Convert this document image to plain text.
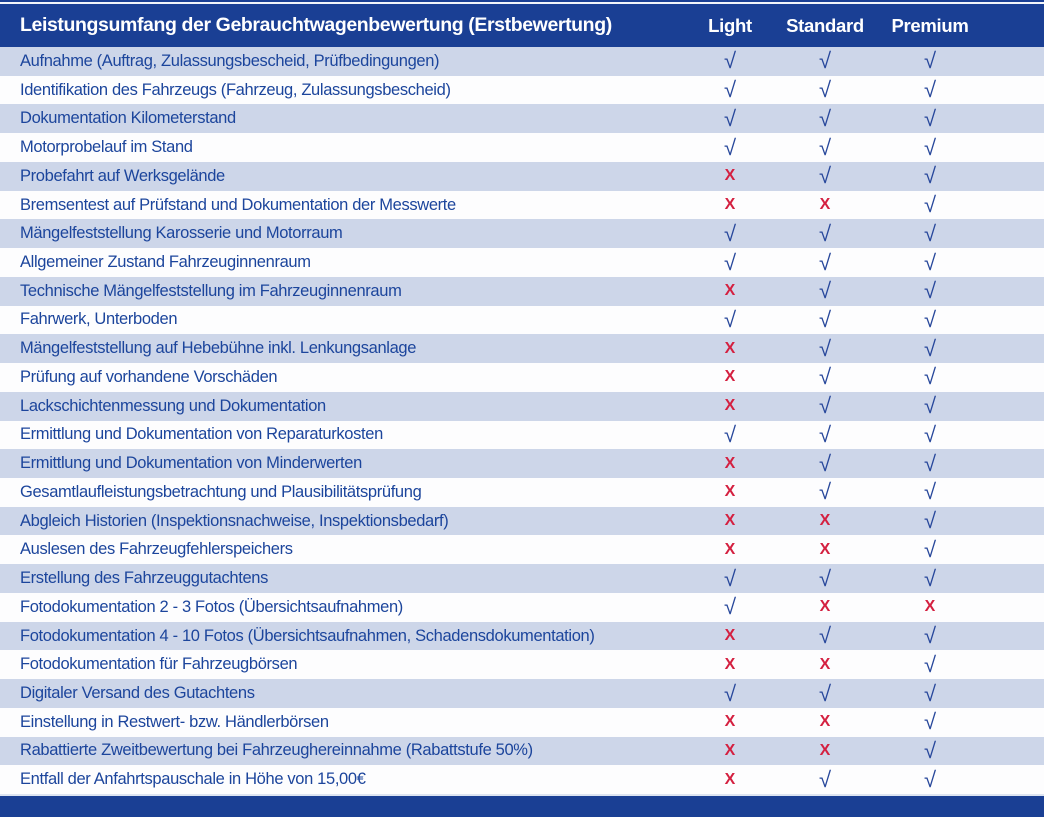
Leistungsumfang der Gebrauchtwagenbewertung (Erstbewertung)	Light	Standard	Premium
Aufnahme (Auftrag, Zulassungsbescheid, Prüfbedingungen)	√	√	√
Identifikation des Fahrzeugs (Fahrzeug, Zulassungsbescheid)	√	√	√
Dokumentation Kilometerstand	√	√	√
Motorprobelauf im Stand	√	√	√
Probefahrt auf Werksgelände	X	√	√
Bremsentest auf Prüfstand und Dokumentation der Messwerte	X	X	√
Mängelfeststellung Karosserie und Motorraum	√	√	√
Allgemeiner Zustand Fahrzeuginnenraum	√	√	√
Technische Mängelfeststellung im Fahrzeuginnenraum	X	√	√
Fahrwerk, Unterboden	√	√	√
Mängelfeststellung auf Hebebühne inkl. Lenkungsanlage	X	√	√
Prüfung auf vorhandene Vorschäden	X	√	√
Lackschichtenmessung und Dokumentation	X	√	√
Ermittlung und Dokumentation von Reparaturkosten	√	√	√
Ermittlung und Dokumentation von Minderwerten	X	√	√
Gesamtlaufleistungsbetrachtung und Plausibilitätsprüfung	X	√	√
Abgleich Historien (Inspektionsnachweise, Inspektionsbedarf)	X	X	√
Auslesen des Fahrzeugfehlerspeichers	X	X	√
Erstellung des Fahrzeuggutachtens	√	√	√
Fotodokumentation 2 - 3 Fotos (Übersichtsaufnahmen)	√	X	X
Fotodokumentation 4 - 10 Fotos (Übersichtsaufnahmen, Schadensdokumentation)	X	√	√
Fotodokumentation für Fahrzeugbörsen	X	X	√
Digitaler Versand des Gutachtens	√	√	√
Einstellung in Restwert- bzw. Händlerbörsen	X	X	√
Rabattierte Zweitbewertung bei Fahrzeughereinnahme (Rabattstufe 50%)	X	X	√
Entfall der Anfahrtspauschale in Höhe von 15,00€	X	√	√
